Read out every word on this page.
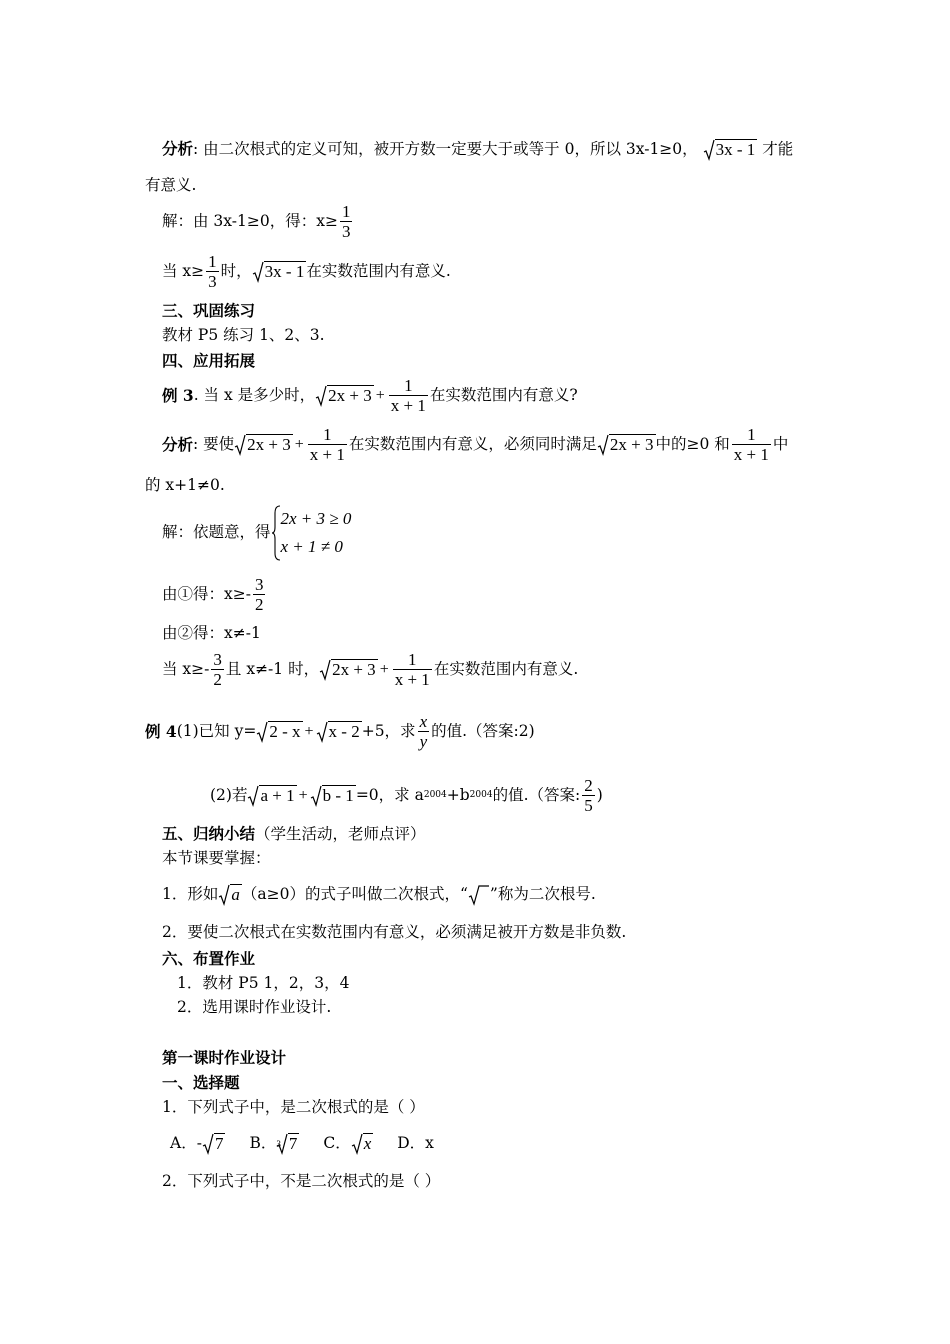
分析: 由二次根式的定义可知，被开方数一定要大于或等于 0，所以 3x-1≥0， 3x - 1 才能
有意义.
解：由 3x-1≥0，得：$x\ge \frac{1}{3}$
当 $x\ge \frac{1}{3}$ 时， 3x - 1 在实数范围内有意义.
三、巩固练习
教材 P5 练习 1、2、3.
四、应用拓展
例 3 . 当 x 是多少时， $2x + 3 + \frac{1}{x + 1}$ 在实数范围内有意义?
分析 : 要使 $2x + 3 + \frac{1}{x + 1}$ 在实数范围内有意义，必须同时满足 2x + 3 中的≥0 和 $\frac{1}{x + 1}$ 中
的 x+1≠0.
解：依题意，得
2x + 3 ≥ 0
x + 1 ≠ 0
由①得：$x\ge- \frac{3}{2}$
由②得：x≠-1
当 $x\ge- \frac{3}{2}$ 且 x≠-1 时， $2x + 3 + \frac{1}{x + 1}$ 在实数范围内有意义.
例 4 (1)已知 y= 2 - x + x - 2 +5，求 $\frac{x}{y}$ 的值.（答案:2)
(2)若 a + 1 + b - 1 =0，求 a 2004 +b 2004 的值.（答案: $\frac{2}{5}$ )
五、归纳小结（学生活动，老师点评）
本节课要掌握：
1．形如 a （a≥0）的式子叫做二次根式，“ ”称为二次根号.
2．要使二次根式在实数范围内有意义，必须满足被开方数是非负数.
六、布置作业
1．教材 P5 1，2，3，4
2．选用课时作业设计.
第一课时作业设计
一、选择题
1．下列式子中，是二次根式的是（ ）
A．- 7 B． 3 7 C． x D．x
2．下列式子中，不是二次根式的是（ ）
